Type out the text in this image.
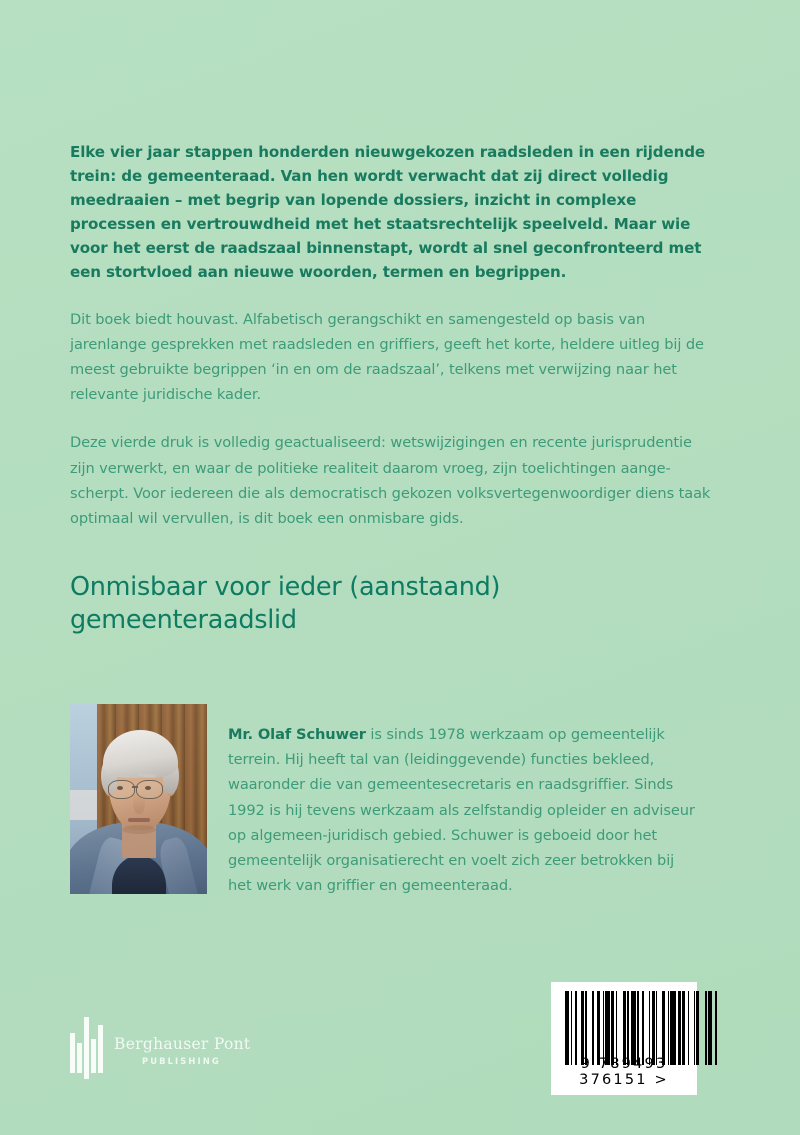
Elke vier jaar stappen honderden nieuwgekozen raadsleden in een rijdende trein: de gemeenteraad. Van hen wordt verwacht dat zij direct volledig meedraaien – met begrip van lopende dossiers, inzicht in complexe processen en vertrouwdheid met het staatsrechtelijk speelveld. Maar wie voor het eerst de raadszaal binnenstapt, wordt al snel geconfronteerd met een stortvloed aan nieuwe woorden, termen en begrippen.

Dit boek biedt houvast. Alfabetisch gerangschikt en samengesteld op basis van jarenlange gesprekken met raadsleden en griffiers, geeft het korte, heldere uitleg bij de meest gebruikte begrippen ‘in en om de raadszaal’, telkens met verwijzing naar het relevante juridische kader.

Deze vierde druk is volledig geactualiseerd: wetswijzigingen en recente jurisprudentie zijn verwerkt, en waar de politieke realiteit daarom vroeg, zijn toelichtingen aange-scherpt. Voor iedereen die als democratisch gekozen volksvertegenwoordiger diens taak optimaal wil vervullen, is dit boek een onmisbare gids.

Onmisbaar voor ieder (aanstaand)
gemeenteraadslid
Mr. Olaf Schuwer is sinds 1978 werkzaam op gemeentelijk terrein. Hij heeft tal van (leidinggevende) functies bekleed, waaronder die van gemeentesecretaris en raadsgriffier. Sinds 1992 is hij tevens werkzaam als zelfstandig opleider en adviseur op algemeen-juridisch gebied. Schuwer is geboeid door het gemeentelijk organisatierecht en voelt zich zeer betrokken bij het werk van griffier en gemeenteraad.
Berghauser Pont
PUBLISHING	9 789493 376151 >
